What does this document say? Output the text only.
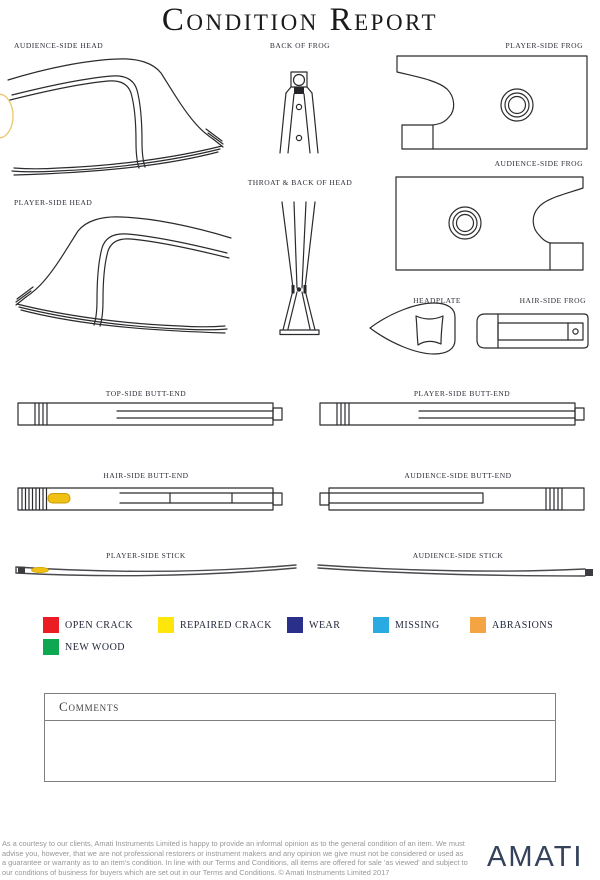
Condition Report
AUDIENCE-SIDE HEAD	BACK OF FROG	PLAYER-SIDE FROG
AUDIENCE-SIDE FROG
PLAYER-SIDE HEAD
THROAT & BACK OF HEAD
HEADPLATE	HAIR-SIDE FROG
TOP-SIDE BUTT-END	PLAYER-SIDE BUTT-END
HAIR-SIDE BUTT-END	AUDIENCE-SIDE BUTT-END
PLAYER-SIDE STICK	AUDIENCE-SIDE STICK
OPEN CRACK	REPAIRED CRACK	WEAR	MISSING	ABRASIONS
NEW WOOD
Comments
As a courtesy to our clients, Amati Instruments Limited is happy to provide an informal opinion as to the general condition of an item. We must
advise you, however, that we are not professional restorers or instrument makers and any opinion we give must not be considered or used as
a guarantee or warranty as to an item's condition. In line with our Terms and Conditions, all items are offered for sale 'as viewed' and subject to
our conditions of business for buyers which are set out in our Terms and Conditions. © Amati Instruments Limited 2017	AMATI
